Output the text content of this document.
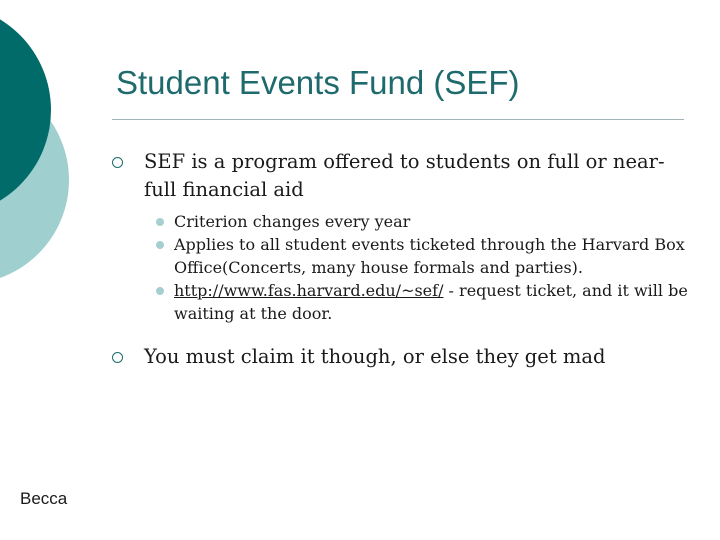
Student Events Fund (SEF)
SEF is a program offered to students on full or near-full financial aid
Criterion changes every year
Applies to all student events ticketed through the Harvard Box Office(Concerts, many house formals and parties).
http://www.fas.harvard.edu/~sef/ - request ticket, and it will be waiting at the door.
You must claim it though, or else they get mad
Becca
